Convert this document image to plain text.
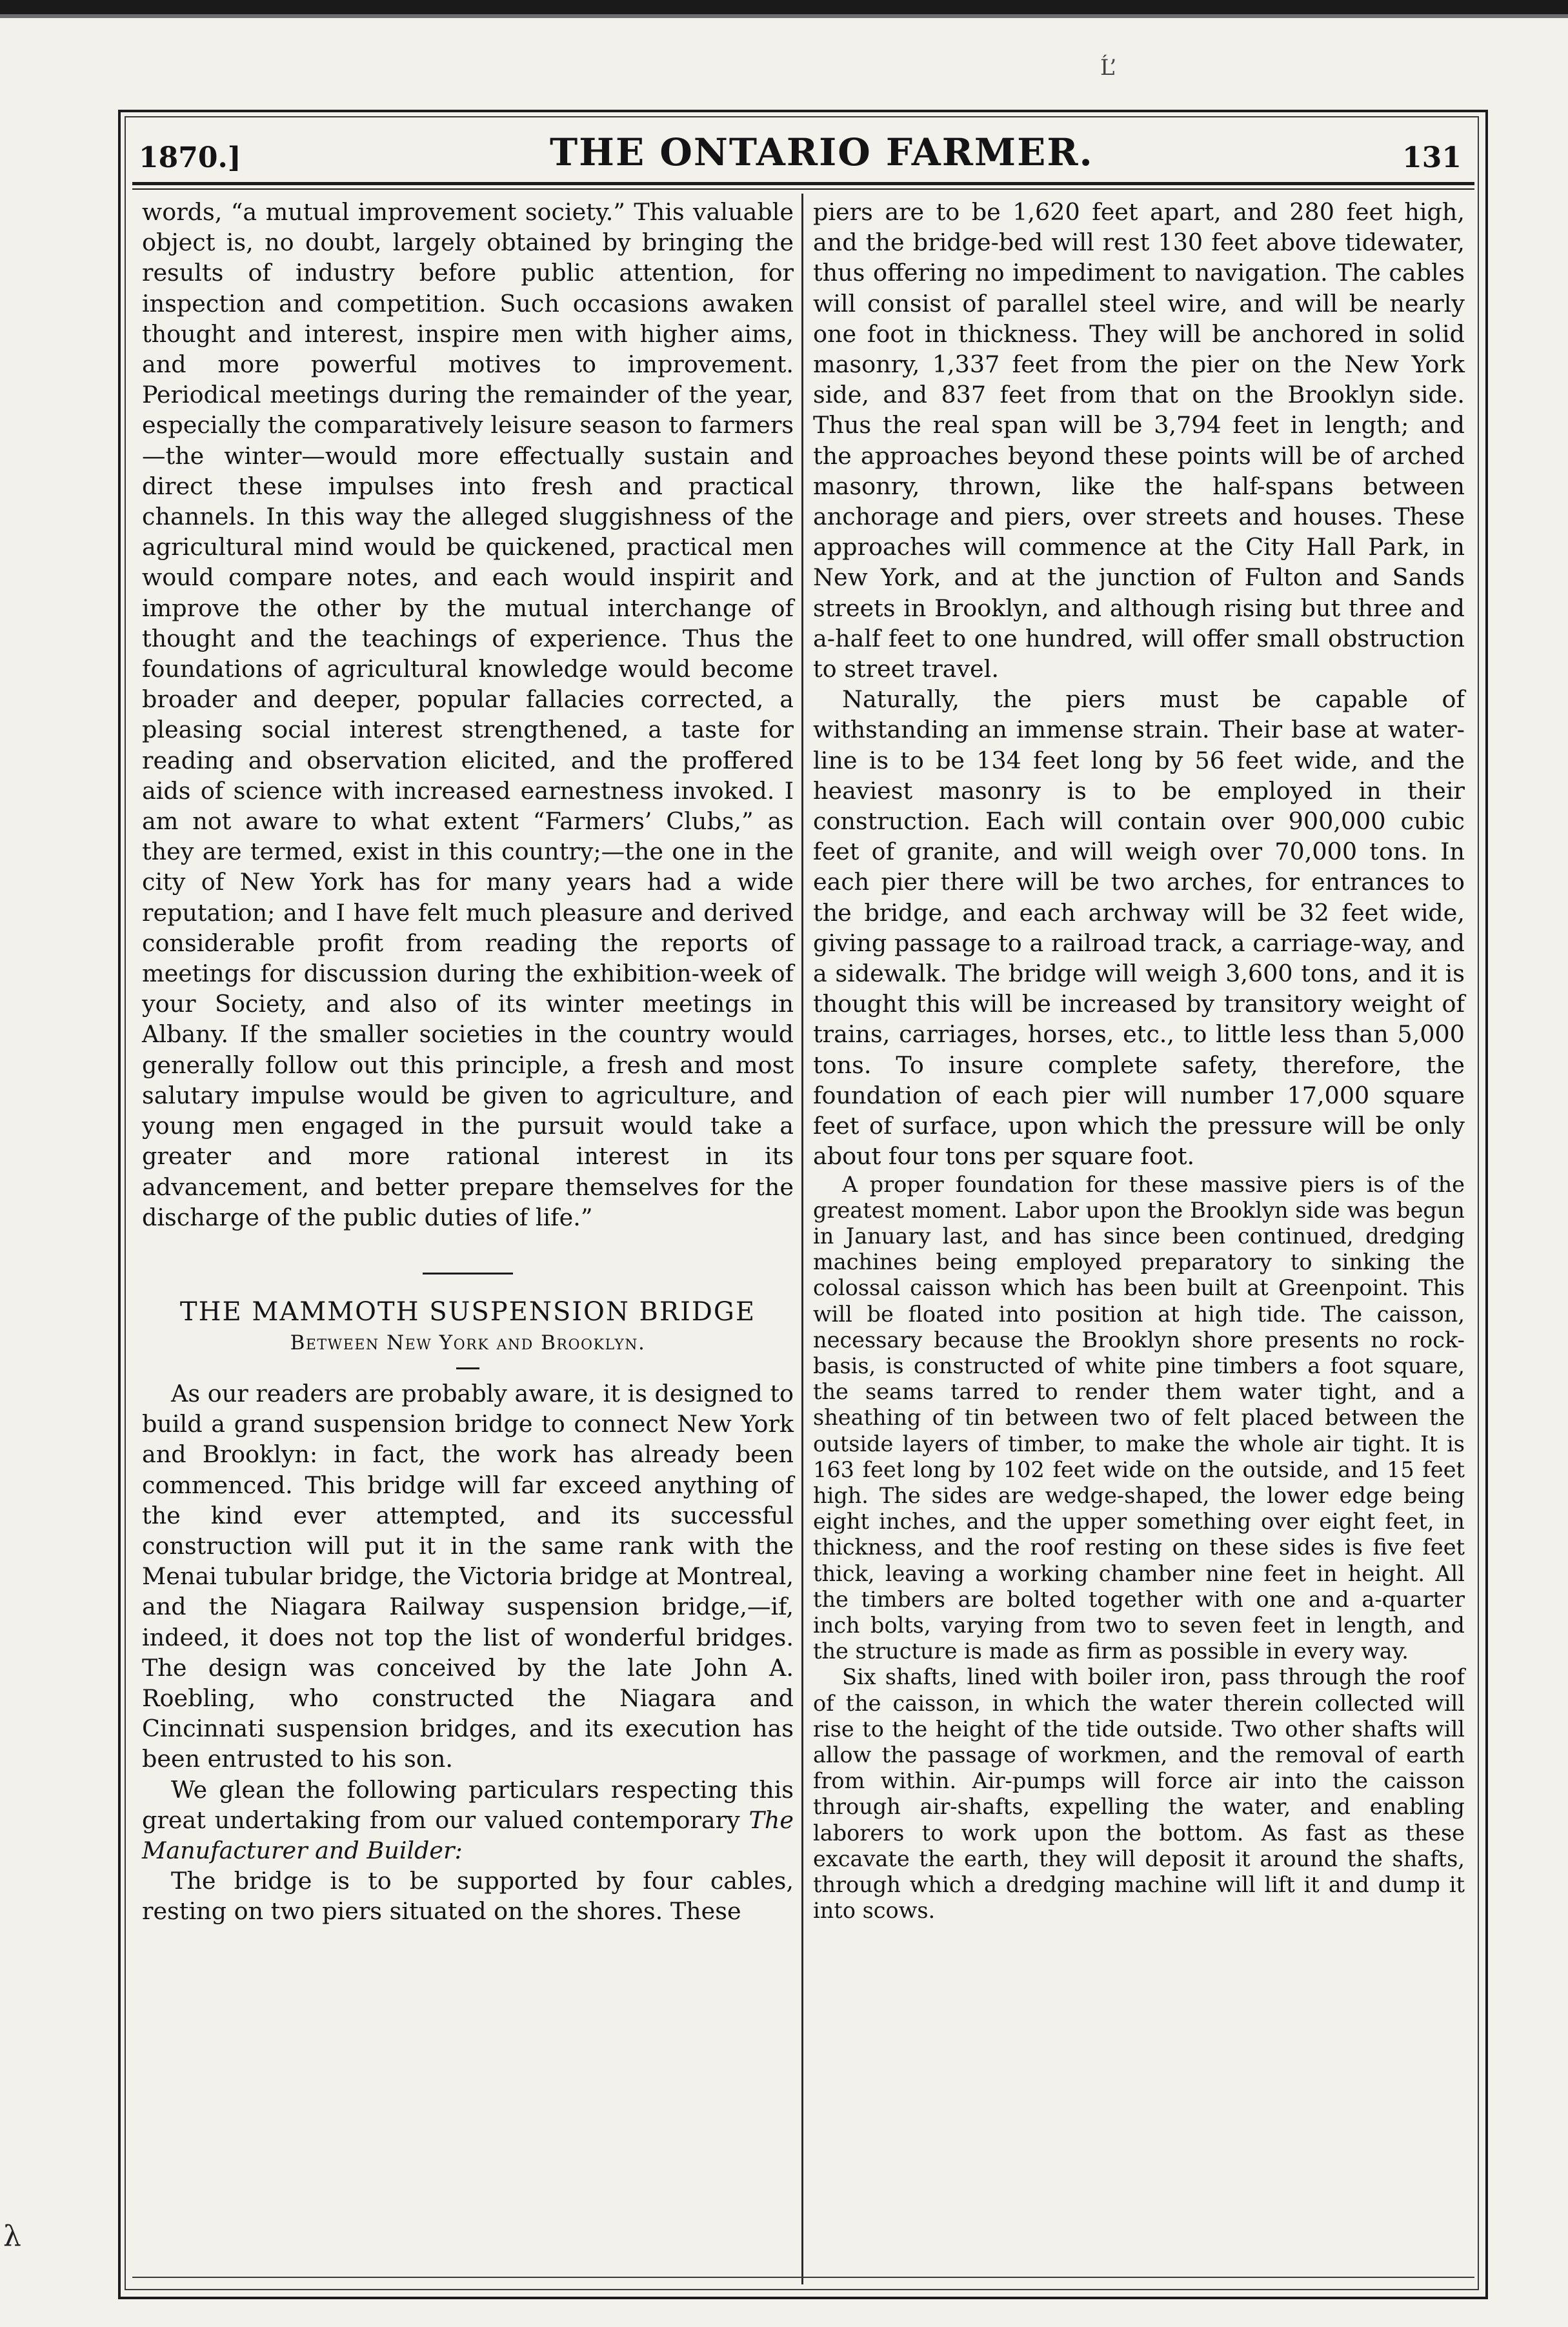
Ĺ’
1870.]	THE ONTARIO FARMER.	131

words, “a mutual improvement society.” This valuable object is, no doubt, largely obtained by bringing the results of industry before public attention, for inspection and competition. Such occasions awaken thought and interest, inspire men with higher aims, and more powerful motives to improvement. Periodical meetings during the remainder of the year, especially the comparatively leisure season to farmers—the winter—would more effectually sustain and direct these impulses into fresh and practical channels. In this way the alleged sluggishness of the agricultural mind would be quickened, practical men would compare notes, and each would inspirit and improve the other by the mutual interchange of thought and the teachings of experience. Thus the foundations of agricultural knowledge would become broader and deeper, popular fallacies corrected, a pleasing social interest strengthened, a taste for reading and observation elicited, and the proffered aids of science with increased earnestness invoked. I am not aware to what extent “Farmers’ Clubs,” as they are termed, exist in this country;—the one in the city of New York has for many years had a wide reputation; and I have felt much pleasure and derived considerable profit from reading the reports of meetings for discussion during the exhibition-week of your Society, and also of its winter meetings in Albany. If the smaller societies in the country would generally follow out this principle, a fresh and most salutary impulse would be given to agriculture, and young men engaged in the pursuit would take a greater and more rational interest in its advancement, and better prepare themselves for the discharge of the public duties of life.”

THE MAMMOTH SUSPENSION BRIDGE
Between New York and Brooklyn.

As our readers are probably aware, it is designed to build a grand suspension bridge to connect New York and Brooklyn: in fact, the work has already been commenced. This bridge will far exceed anything of the kind ever attempted, and its successful construction will put it in the same rank with the Menai tubular bridge, the Victoria bridge at Montreal, and the Niagara Railway suspension bridge,—if, indeed, it does not top the list of wonderful bridges. The design was conceived by the late John A. Roebling, who constructed the Niagara and Cincinnati suspension bridges, and its execution has been entrusted to his son.

We glean the following particulars respecting this great undertaking from our valued contemporary The Manufacturer and Builder:

The bridge is to be supported by four cables, resting on two piers situated on the shores. These

piers are to be 1,620 feet apart, and 280 feet high, and the bridge-bed will rest 130 feet above tidewater, thus offering no impediment to navigation. The cables will consist of parallel steel wire, and will be nearly one foot in thickness. They will be anchored in solid masonry, 1,337 feet from the pier on the New York side, and 837 feet from that on the Brooklyn side. Thus the real span will be 3,794 feet in length; and the approaches beyond these points will be of arched masonry, thrown, like the half-spans between anchorage and piers, over streets and houses. These approaches will commence at the City Hall Park, in New York, and at the junction of Fulton and Sands streets in Brooklyn, and although rising but three and a-half feet to one hundred, will offer small obstruction to street travel.

Naturally, the piers must be capable of withstanding an immense strain. Their base at water-line is to be 134 feet long by 56 feet wide, and the heaviest masonry is to be employed in their construction. Each will contain over 900,000 cubic feet of granite, and will weigh over 70,000 tons. In each pier there will be two arches, for entrances to the bridge, and each archway will be 32 feet wide, giving passage to a railroad track, a carriage-way, and a sidewalk. The bridge will weigh 3,600 tons, and it is thought this will be increased by transitory weight of trains, carriages, horses, etc., to little less than 5,000 tons. To insure complete safety, therefore, the foundation of each pier will number 17,000 square feet of surface, upon which the pressure will be only about four tons per square foot.

A proper foundation for these massive piers is of the greatest moment. Labor upon the Brooklyn side was begun in January last, and has since been continued, dredging machines being employed preparatory to sinking the colossal caisson which has been built at Greenpoint. This will be floated into position at high tide. The caisson, necessary because the Brooklyn shore presents no rock-basis, is constructed of white pine timbers a foot square, the seams tarred to render them water tight, and a sheathing of tin between two of felt placed between the outside layers of timber, to make the whole air tight. It is 163 feet long by 102 feet wide on the outside, and 15 feet high. The sides are wedge-shaped, the lower edge being eight inches, and the upper something over eight feet, in thickness, and the roof resting on these sides is five feet thick, leaving a working chamber nine feet in height. All the timbers are bolted together with one and a-quarter inch bolts, varying from two to seven feet in length, and the structure is made as firm as possible in every way.

Six shafts, lined with boiler iron, pass through the roof of the caisson, in which the water therein collected will rise to the height of the tide outside. Two other shafts will allow the passage of workmen, and the removal of earth from within. Air-pumps will force air into the caisson through air-shafts, expelling the water, and enabling laborers to work upon the bottom. As fast as these excavate the earth, they will deposit it around the shafts, through which a dredging machine will lift it and dump it into scows.

λ
